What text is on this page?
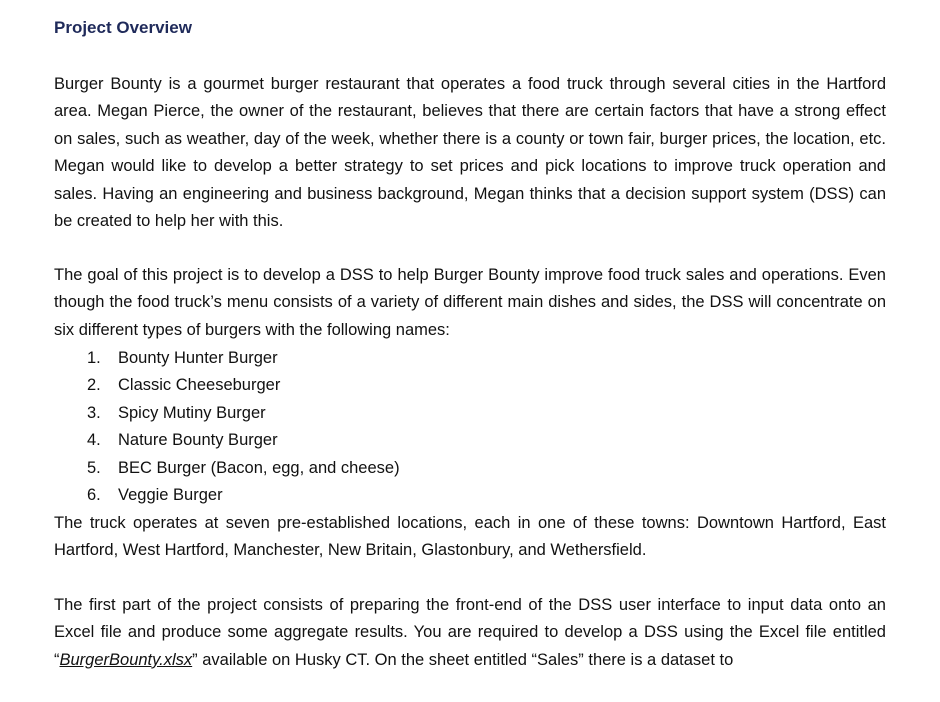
Project Overview

Burger Bounty is a gourmet burger restaurant that operates a food truck through several cities in the Hartford area. Megan Pierce, the owner of the restaurant, believes that there are certain factors that have a strong effect on sales, such as weather, day of the week, whether there is a county or town fair, burger prices, the location, etc. Megan would like to develop a better strategy to set prices and pick locations to improve truck operation and sales. Having an engineering and business background, Megan thinks that a decision support system (DSS) can be created to help her with this.

The goal of this project is to develop a DSS to help Burger Bounty improve food truck sales and operations. Even though the food truck’s menu consists of a variety of different main dishes and sides, the DSS will concentrate on six different types of burgers with the following names:

1. Bounty Hunter Burger
2. Classic Cheeseburger
3. Spicy Mutiny Burger
4. Nature Bounty Burger
5. BEC Burger (Bacon, egg, and cheese)
6. Veggie Burger

The truck operates at seven pre-established locations, each in one of these towns: Downtown Hartford, East Hartford, West Hartford, Manchester, New Britain, Glastonbury, and Wethersfield.

The first part of the project consists of preparing the front-end of the DSS user interface to input data onto an Excel file and produce some aggregate results. You are required to develop a DSS using the Excel file entitled “BurgerBounty.xlsx” available on Husky CT. On the sheet entitled “Sales” there is a dataset to
